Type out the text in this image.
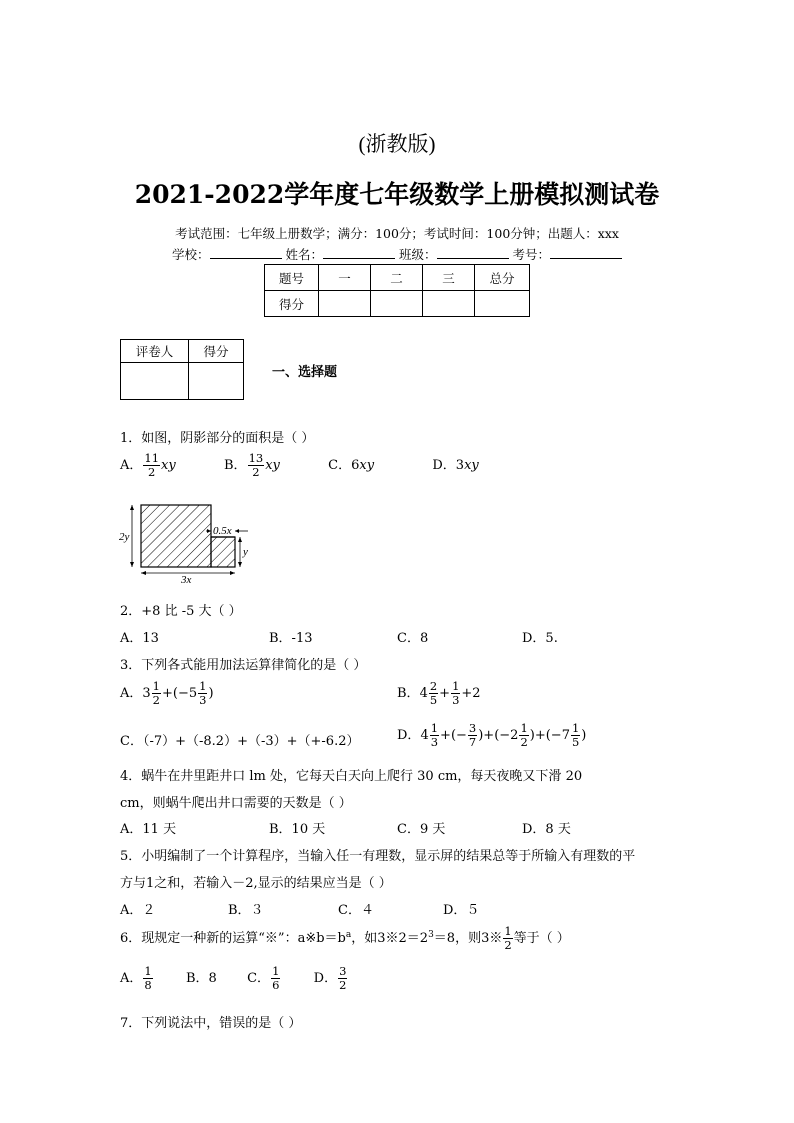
(浙教版)
2021-2022学年度七年级数学上册模拟测试卷
考试范围：七年级上册数学；满分：100分；考试时间：100分钟；出题人：xxx
学校：	姓名：	班级：	考号：
题号	一	二	三	总分
得分				
评卷人	得分

一、选择题
1．如图，阴影部分的面积是（ ）
A． $\frac{11}{2}$ xy	B． $\frac{13}{2}$ xy	C．6xy	D．3xy
2y	0.5x
y
3x
2．+8 比 -5 大（ ）
A．13	B．-13	C．8	D．5.
3．下列各式能用加法运算律简化的是（ ）
A．$3 \frac{1}{2} +(-5 \frac{1}{3}$ )	B．$4 \frac{2}{5} + \frac{1}{3} +2$
C．（-7）+（-8.2）+（-3）+（+-6.2）	D．$4 \frac{1}{3}$ +(− $\frac{3}{7} )+(-2 \frac{1}{2} )+(-7 \frac{1}{5}$ )
4．蜗牛在井里距井口 lm 处，它每天白天向上爬行 30 cm，每天夜晚又下滑 20
cm，则蜗牛爬出井口需要的天数是（ ）
A．11 天	B．10 天	C．9 天	D．8 天
5．小明编制了一个计算程序，当输入任一有理数，显示屏的结果总等于所输入有理数的平
方与1之和，若输入－2,显示的结果应当是（ ）
A．２	B．３	C．４	D．５
6．现规定一种新的运算“※”：$a※b=b^a$，如$3※2=2^3=8$，则3※ $\frac{1}{2}$ 等于（ ）
A． $\frac{1}{8}$	B．8 C． $\frac{1}{6}$	D． $\frac{3}{2}$
7．下列说法中，错误的是（ ）
